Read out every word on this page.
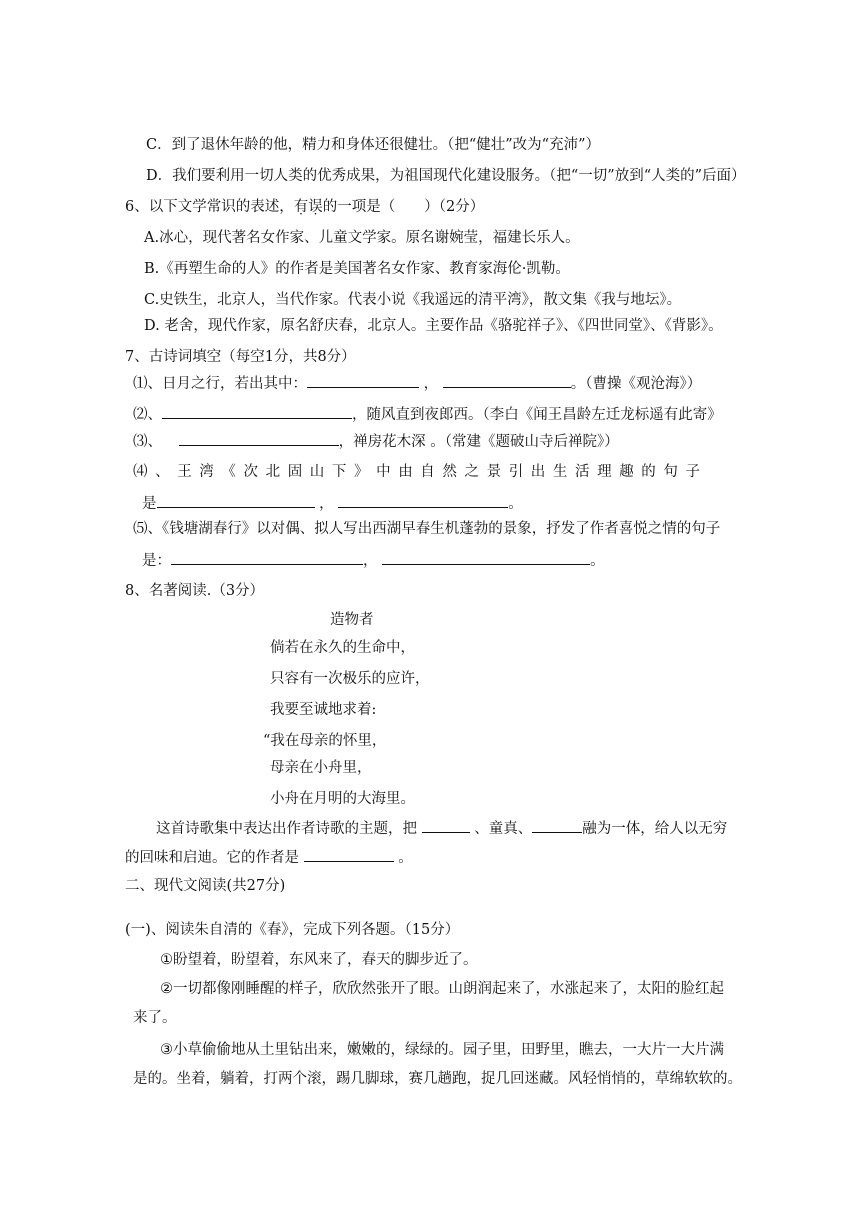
C．到了退休年龄的他，精力和身体还很健壮。（把“健壮”改为“充沛”）
D．我们要利用一切人类的优秀成果，为祖国现代化建设服务。（把“一切”放到“人类的”后面）
6、以下文学常识的表述，有误的一项是（　　）（2分）
A.冰心，现代著名女作家、儿童文学家。原名谢婉莹，福建长乐人。
B.《再塑生命的人》的作者是美国著名女作家、教育家海伦·凯勒。
C.史铁生，北京人，当代作家。代表小说《我遥远的清平湾》，散文集《我与地坛》。
D. 老舍，现代作家，原名舒庆春，北京人。主要作品《骆驼祥子》、《四世同堂》、《背影》。
7、古诗词填空（每空1分，共8分）
⑴、日月之行，若出其中：	，	。（曹操《观沧海》）
⑵、	，随风直到夜郎西。（李白《闻王昌龄左迁龙标遥有此寄》
⑶、	，禅房花木深 。（常建《题破山寺后禅院》）
⑷、王湾《次北固山下》中由自然之景引出生活理趣的句子
是	，	。
⑸、《钱塘湖春行》以对偶、拟人写出西湖早春生机蓬勃的景象，抒发了作者喜悦之情的句子
是：	，	。
8、名著阅读.（3分）
造物者
倘若在永久的生命中，
只容有一次极乐的应许，
我要至诚地求着:
“我在母亲的怀里，
母亲在小舟里，
小舟在月明的大海里。
这首诗歌集中表达出作者诗歌的主题，把	、童真、	融为一体，给人以无穷
的回味和启迪。它的作者是	。
二、现代文阅读(共27分)
(一)、阅读朱自清的《春》，完成下列各题。（15分）
①盼望着，盼望着，东风来了，春天的脚步近了。
②一切都像刚睡醒的样子，欣欣然张开了眼。山朗润起来了，水涨起来了，太阳的脸红起
来了。
③小草偷偷地从土里钻出来，嫩嫩的，绿绿的。园子里，田野里，瞧去，一大片一大片满
是的。坐着，躺着，打两个滚，踢几脚球，赛几趟跑，捉几回迷藏。风轻悄悄的，草绵软软的。
